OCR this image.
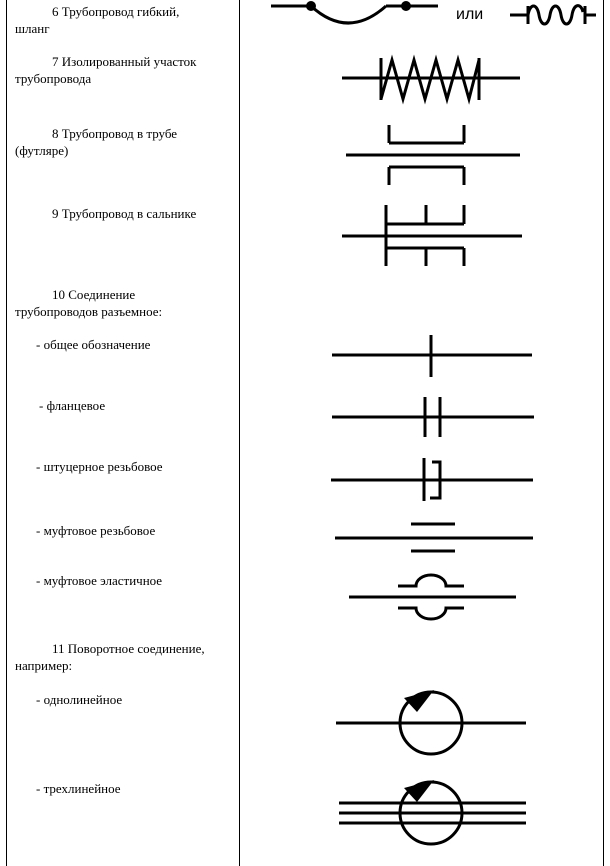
6 Трубопровод гибкий,
шланг
или
7 Изолированный участок
трубопровода
8 Трубопровод в трубе
(футляре)
9 Трубопровод в сальнике
10 Соединение
трубопроводов разъемное:
- общее обозначение
- фланцевое
- штуцерное резьбовое
- муфтовое резьбовое
- муфтовое эластичное
11 Поворотное соединение,
например:
- однолинейное
- трехлинейное
